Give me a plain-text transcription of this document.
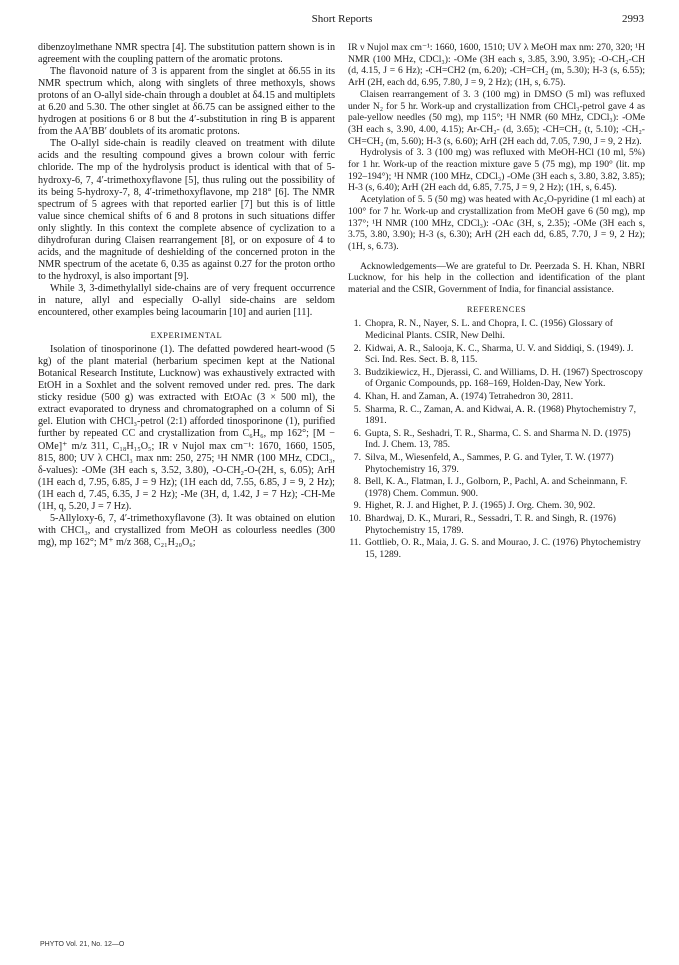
Short Reports	2993

dibenzoylmethane NMR spectra [4]. The substitution pattern shown is in agreement with the coupling pattern of the aromatic protons.

The flavonoid nature of 3 is apparent from the singlet at δ6.55 in its NMR spectrum which, along with singlets of three methoxyls, shows protons of an O-allyl side-chain through a doublet at δ4.15 and multiplets at 6.20 and 5.30. The other singlet at δ6.75 can be assigned either to the hydrogen at positions 6 or 8 but the 4′-substitution in ring B is apparent from the AA′BB′ doublets of its aromatic protons.

The O-allyl side-chain is readily cleaved on treatment with dilute acids and the resulting compound gives a brown colour with ferric chloride. The mp of the hydrolysis product is identical with that of 5-hydroxy-6, 7, 4′-trimethoxyflavone [5], thus ruling out the possibility of its being 5-hydroxy-7, 8, 4′-trimethoxyflavone, mp 218° [6]. The NMR spectrum of 5 agrees with that reported earlier [7] but this is of little value since chemical shifts of 6 and 8 protons in such situations differ only slightly. In this context the complete absence of cyclization to a dihydrofuran during Claisen rearrangement [8], or on exposure of 4 to acids, and the magnitude of deshielding of the concerned proton in the NMR spectrum of the acetate 6, 0.35 as against 0.27 for the proton ortho to the hydroxyl, is also important [9].

While 3, 3-dimethylallyl side-chains are of very frequent occurrence in nature, allyl and especially O-allyl side-chains are seldom encountered, other examples being lacoumarin [10] and aurien [11].

EXPERIMENTAL

Isolation of tinosporinone (1). The defatted powdered heart-wood (5 kg) of the plant material (herbarium specimen kept at the National Botanical Research Institute, Lucknow) was exhaustively extracted with EtOH in a Soxhlet and the solvent removed under red. pres. The dark sticky residue (500 g) was extracted with EtOAc (3 × 500 ml), the extract evaporated to dryness and chromatographed on a column of Si gel. Elution with CHCl₃-petrol (2:1) afforded tinosporinone (1), purified further by repeated CC and crystallization from C₆H₆, mp 162°; [M − OMe]⁺ m/z 311, C₁₈H₁₅O₅; IR ν Nujol max cm⁻¹: 1670, 1660, 1505, 815, 800; UV λ CHCl₃ max nm: 250, 275; ¹H NMR (100 MHz, CDCl₃, δ-values): -OMe (3H each s, 3.52, 3.80), -O-CH₂-O-(2H, s, 6.05); ArH (1H each d, 7.95, 6.85, J = 9 Hz); (1H each dd, 7.55, 6.85, J = 9, 2 Hz); (1H each d, 7.45, 6.35, J = 2 Hz); -Me (3H, d, 1.42, J = 7 Hz); -CH-Me (1H, q, 5.20, J = 7 Hz).

5-Allyloxy-6, 7, 4′-trimethoxyflavone (3). It was obtained on elution with CHCl₃, and crystallized from MeOH as colourless needles (300 mg), mp 162°; M⁺ m/z 368, C₂₁H₂₀O₆;

IR ν Nujol max cm⁻¹: 1660, 1600, 1510; UV λ MeOH max nm: 270, 320; ¹H NMR (100 MHz, CDCl₃): -OMe (3H each s, 3.85, 3.90, 3.95); -O-CH₂-CH (d, 4.15, J = 6 Hz); -CH=CH2 (m, 6.20); -CH=CH₂ (m, 5.30); H-3 (s, 6.55); ArH (2H, each dd, 6.95, 7.80, J = 9, 2 Hz); (1H, s, 6.75).

Claisen rearrangement of 3. 3 (100 mg) in DMSO (5 ml) was refluxed under N₂ for 5 hr. Work-up and crystallization from CHCl₃-petrol gave 4 as pale-yellow needles (50 mg), mp 115°; ¹H NMR (60 MHz, CDCl₃): -OMe (3H each s, 3.90, 4.00, 4.15); Ar-CH₂- (d, 3.65); -CH=CH₂ (t, 5.10); -CH₂-CH=CH₂ (m, 5.60); H-3 (s, 6.60); ArH (2H each dd, 7.05, 7.90, J = 9, 2 Hz).

Hydrolysis of 3. 3 (100 mg) was refluxed with MeOH-HCl (10 ml, 5%) for 1 hr. Work-up of the reaction mixture gave 5 (75 mg), mp 190° (lit. mp 192–194°); ¹H NMR (100 MHz, CDCl₃) -OMe (3H each s, 3.80, 3.82, 3.85); H-3 (s, 6.40); ArH (2H each dd, 6.85, 7.75, J = 9, 2 Hz); (1H, s, 6.45).

Acetylation of 5. 5 (50 mg) was heated with Ac₂O-pyridine (1 ml each) at 100° for 7 hr. Work-up and crystallization from MeOH gave 6 (50 mg), mp 137°; ¹H NMR (100 MHz, CDCl₃): -OAc (3H, s, 2.35); -OMe (3H each s, 3.75, 3.80, 3.90); H-3 (s, 6.30); ArH (2H each dd, 6.85, 7.70, J = 9, 2 Hz); (1H, s, 6.73).

Acknowledgements—We are grateful to Dr. Peerzada S. H. Khan, NBRI Lucknow, for his help in the collection and identification of the plant material and the CSIR, Government of India, for financial assistance.

REFERENCES
1. Chopra, R. N., Nayer, S. L. and Chopra, I. C. (1956) Glossary of Medicinal Plants. CSIR, New Delhi.
2. Kidwai, A. R., Salooja, K. C., Sharma, U. V. and Siddiqi, S. (1949). J. Sci. Ind. Res. Sect. B. 8, 115.
3. Budzikiewicz, H., Djerassi, C. and Williams, D. H. (1967) Spectroscopy of Organic Compounds, pp. 168–169, Holden-Day, New York.
4. Khan, H. and Zaman, A. (1974) Tetrahedron 30, 2811.
5. Sharma, R. C., Zaman, A. and Kidwai, A. R. (1968) Phytochemistry 7, 1891.
6. Gupta, S. R., Seshadri, T. R., Sharma, C. S. and Sharma N. D. (1975) Ind. J. Chem. 13, 785.
7. Silva, M., Wiesenfeld, A., Sammes, P. G. and Tyler, T. W. (1977) Phytochemistry 16, 379.
8. Bell, K. A., Flatman, I. J., Golborn, P., Pachl, A. and Scheinmann, F. (1978) Chem. Commun. 900.
9. Highet, R. J. and Highet, P. J. (1965) J. Org. Chem. 30, 902.
10. Bhardwaj, D. K., Murari, R., Sessadri, T. R. and Singh, R. (1976) Phytochemistry 15, 1789.
11. Gottlieb, O. R., Maia, J. G. S. and Mourao, J. C. (1976) Phytochemistry 15, 1289.
PHYTO Vol. 21, No. 12—O
